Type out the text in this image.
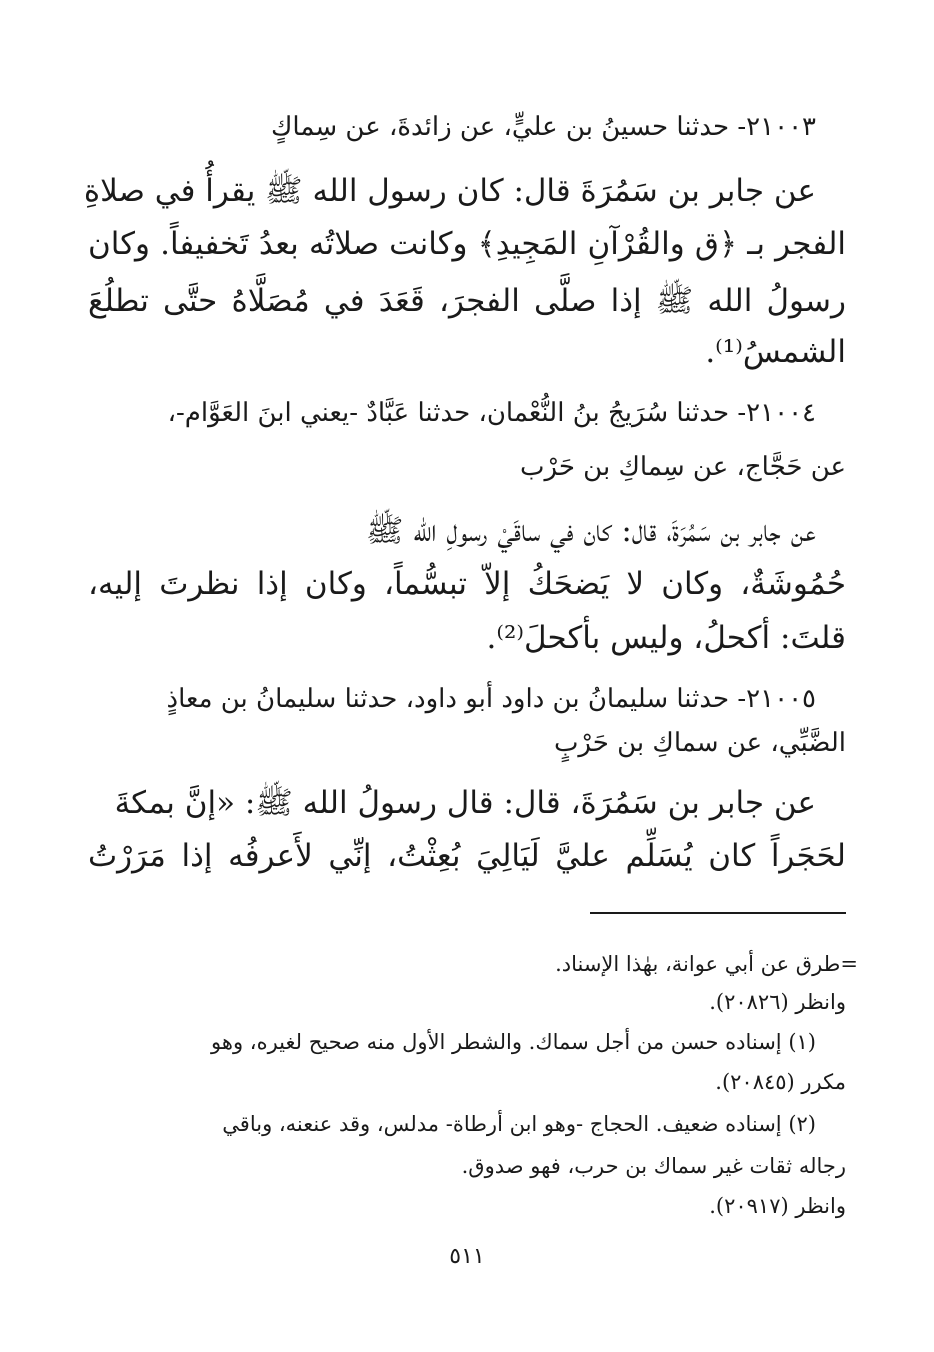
٢١٠٠٣- حدثنا حسينُ بن عليٍّ، عن زائدةَ، عن سِماكٍ
عن جابر بن سَمُرَةَ قال: كان رسول الله ﷺ يقرأُ في صلاةِ
الفجر بـ ﴿ق والقُرْآنِ المَجِيدِ﴾ وكانت صلاتُه بعدُ تَخفيفاً. وكان
رسولُ الله ﷺ إذا صلَّى الفجرَ، قَعَدَ في مُصَلَّاهُ حتَّى تطلُعَ
الشمسُ⁽¹⁾.
٢١٠٠٤- حدثنا سُرَيجُ بنُ النُّعْمان، حدثنا عَبَّادٌ -يعني ابنَ العَوَّام-،
عن حَجَّاج، عن سِماكِ بن حَرْب
عن جابر بن سَمُرَةَ، قال: كان في ساقَيْ رسولِ الله ﷺ
حُمُوشَةٌ، وكان لا يَضحَكُ إلاّ تبسُّماً، وكان إذا نظرتَ إليه،
قلتَ: أكحلُ، وليس بأكحلَ⁽²⁾.
٢١٠٠٥- حدثنا سليمانُ بن داود أبو داود، حدثنا سليمانُ بن معاذٍ
الضَّبِّي، عن سماكِ بن حَرْبٍ
عن جابر بن سَمُرَةَ، قال: قال رسولُ الله ﷺ: «إنَّ بمكةَ
لحَجَراً كان يُسَلِّم عليَّ لَيَالِيَ بُعِثْتُ، إنِّي لأَعرفُه إذا مَرَرْتُ
=طرق عن أبي عوانة، بهٰذا الإسناد.
وانظر (٢٠٨٢٦).
(١) إسناده حسن من أجل سماك. والشطر الأول منه صحيح لغيره، وهو
مكرر (٢٠٨٤٥).
(٢) إسناده ضعيف. الحجاج -وهو ابن أرطاة- مدلس، وقد عنعنه، وباقي
رجاله ثقات غير سماك بن حرب، فهو صدوق.
وانظر (٢٠٩١٧).
٥١١
